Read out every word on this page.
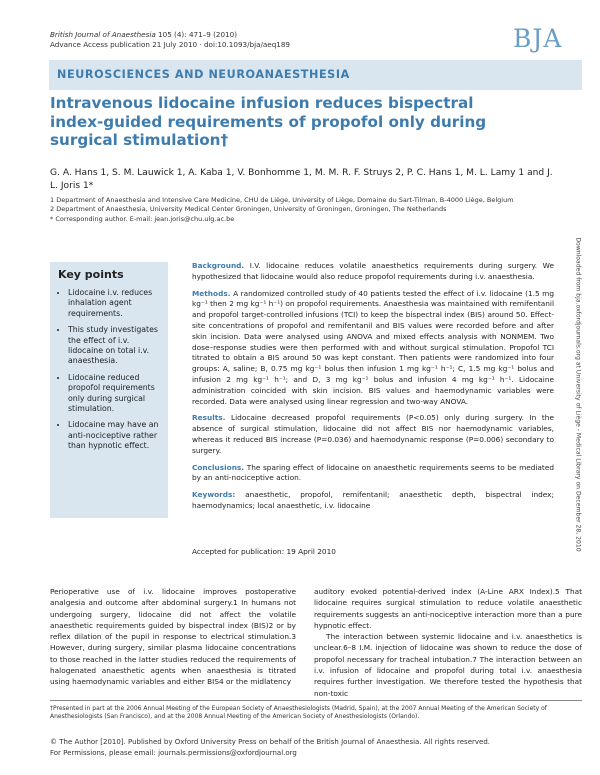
British Journal of Anaesthesia 105 (4): 471–9 (2010)
Advance Access publication 21 July 2010 · doi:10.1093/bja/aeq189	BJA
NEUROSCIENCES AND NEUROANAESTHESIA
Intravenous lidocaine infusion reduces bispectral index-guided requirements of propofol only during surgical stimulation†
G. A. Hans 1, S. M. Lauwick 1, A. Kaba 1, V. Bonhomme 1, M. M. R. F. Struys 2, P. C. Hans 1, M. L. Lamy 1 and J. L. Joris 1*
1 Department of Anaesthesia and Intensive Care Medicine, CHU de Liège, University of Liège, Domaine du Sart-Tilman, B-4000 Liège, Belgium
2 Department of Anaesthesia, University Medical Center Groningen, University of Groningen, Groningen, The Netherlands
* Corresponding author. E-mail: jean.joris@chu.ulg.ac.be
Downloaded from bja.oxfordjournals.org at University of Liège - Medical Library on December 28, 2010
Key points
• Lidocaine i.v. reduces inhalation agent requirements.
• This study investigates the effect of i.v. lidocaine on total i.v. anaesthesia.
• Lidocaine reduced propofol requirements only during surgical stimulation.
• Lidocaine may have an anti-nociceptive rather than hypnotic effect.

Background. I.V. lidocaine reduces volatile anaesthetics requirements during surgery. We hypothesized that lidocaine would also reduce propofol requirements during i.v. anaesthesia.

Methods. A randomized controlled study of 40 patients tested the effect of i.v. lidocaine (1.5 mg kg⁻¹ then 2 mg kg⁻¹ h⁻¹) on propofol requirements. Anaesthesia was maintained with remifentanil and propofol target-controlled infusions (TCI) to keep the bispectral index (BIS) around 50. Effect-site concentrations of propofol and remifentanil and BIS values were recorded before and after skin incision. Data were analysed using ANOVA and mixed effects analysis with NONMEM. Two dose–response studies were then performed with and without surgical stimulation. Propofol TCI titrated to obtain a BIS around 50 was kept constant. Then patients were randomized into four groups: A, saline; B, 0.75 mg kg⁻¹ bolus then infusion 1 mg kg⁻¹ h⁻¹; C, 1.5 mg kg⁻¹ bolus and infusion 2 mg kg⁻¹ h⁻¹; and D, 3 mg kg⁻¹ bolus and infusion 4 mg kg⁻¹ h⁻¹. Lidocaine administration coincided with skin incision. BIS values and haemodynamic variables were recorded. Data were analysed using linear regression and two-way ANOVA.

Results. Lidocaine decreased propofol requirements (P<0.05) only during surgery. In the absence of surgical stimulation, lidocaine did not affect BIS nor haemodynamic variables, whereas it reduced BIS increase (P=0.036) and haemodynamic response (P=0.006) secondary to surgery.

Conclusions. The sparing effect of lidocaine on anaesthetic requirements seems to be mediated by an anti-nociceptive action.

Keywords: anaesthetic, propofol, remifentanil; anaesthetic depth, bispectral index; haemodynamics; local anaesthetic, i.v. lidocaine

Accepted for publication: 19 April 2010

Perioperative use of i.v. lidocaine improves postoperative analgesia and outcome after abdominal surgery.1 In humans not undergoing surgery, lidocaine did not affect the volatile anaesthetic requirements guided by bispectral index (BIS)2 or by reflex dilation of the pupil in response to electrical stimulation.3 However, during surgery, similar plasma lidocaine concentrations to those reached in the latter studies reduced the requirements of halogenated anaesthetic agents when anaesthesia is titrated using haemodynamic variables and either BIS4 or the midlatency

auditory evoked potential-derived index (A-Line ARX Index).5 That lidocaine requires surgical stimulation to reduce volatile anaesthetic requirements suggests an anti-nociceptive interaction more than a pure hypnotic effect.

The interaction between systemic lidocaine and i.v. anaesthetics is unclear.6–8 I.M. injection of lidocaine was shown to reduce the dose of propofol necessary for tracheal intubation.7 The interaction between an i.v. infusion of lidocaine and propofol during total i.v. anaesthesia requires further investigation. We therefore tested the hypothesis that non-toxic

†Presented in part at the 2006 Annual Meeting of the European Society of Anaesthesiologists (Madrid, Spain), at the 2007 Annual Meeting of the American Society of Anesthesiologists (San Francisco), and at the 2008 Annual Meeting of the American Society of Anesthesiologists (Orlando).
© The Author [2010]. Published by Oxford University Press on behalf of the British Journal of Anaesthesia. All rights reserved.
For Permissions, please email: journals.permissions@oxfordjournal.org
